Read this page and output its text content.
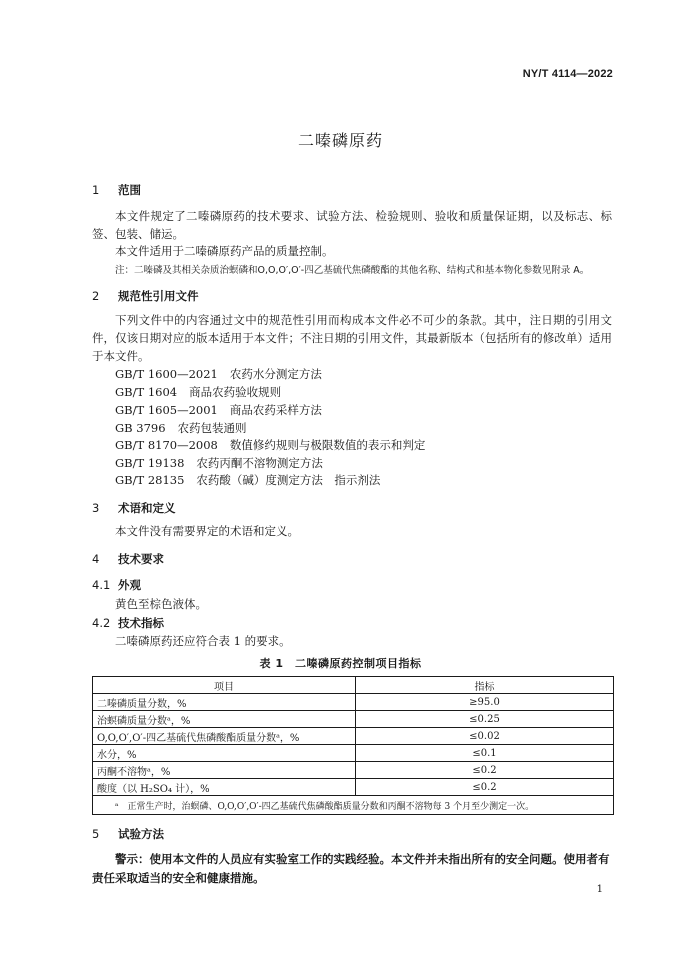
NY/T 4114—2022
二嗪磷原药
1 范围

本文件规定了二嗪磷原药的技术要求、试验方法、检验规则、验收和质量保证期，以及标志、标签、包装、储运。

本文件适用于二嗪磷原药产品的质量控制。
注：二嗪磷及其相关杂质治螟磷和O,O,O′,O′-四乙基硫代焦磷酸酯的其他名称、结构式和基本物化参数见附录 A。
2 规范性引用文件

下列文件中的内容通过文中的规范性引用而构成本文件必不可少的条款。其中，注日期的引用文件，仅该日期对应的版本适用于本文件；不注日期的引用文件，其最新版本（包括所有的修改单）适用于本文件。

GB/T 1600—2021 农药水分测定方法
GB/T 1604 商品农药验收规则
GB/T 1605—2001 商品农药采样方法
GB 3796 农药包装通则
GB/T 8170—2008 数值修约规则与极限数值的表示和判定
GB/T 19138 农药丙酮不溶物测定方法
GB/T 28135 农药酸（碱）度测定方法　指示剂法
3 术语和定义
本文件没有需要界定的术语和定义。
4 技术要求
4.1 外观
黄色至棕色液体。
4.2 技术指标
二嗪磷原药还应符合表 1 的要求。
表 1　二嗪磷原药控制项目指标
项目	指标
二嗪磷质量分数，%	≥95.0
治螟磷质量分数ᵃ，%	≤0.25
O,O,O′,O′-四乙基硫代焦磷酸酯质量分数ᵃ，%	≤0.02
水分，%	≤0.1
丙酮不溶物ᵃ，%	≤0.2
酸度（以 H₂SO₄ 计），%	≤0.2
ᵃ　正常生产时，治螟磷、O,O,O′,O′-四乙基硫代焦磷酸酯质量分数和丙酮不溶物每 3 个月至少测定一次。	
5 试验方法

警示：使用本文件的人员应有实验室工作的实践经验。本文件并未指出所有的安全问题。使用者有责任采取适当的安全和健康措施。

1
